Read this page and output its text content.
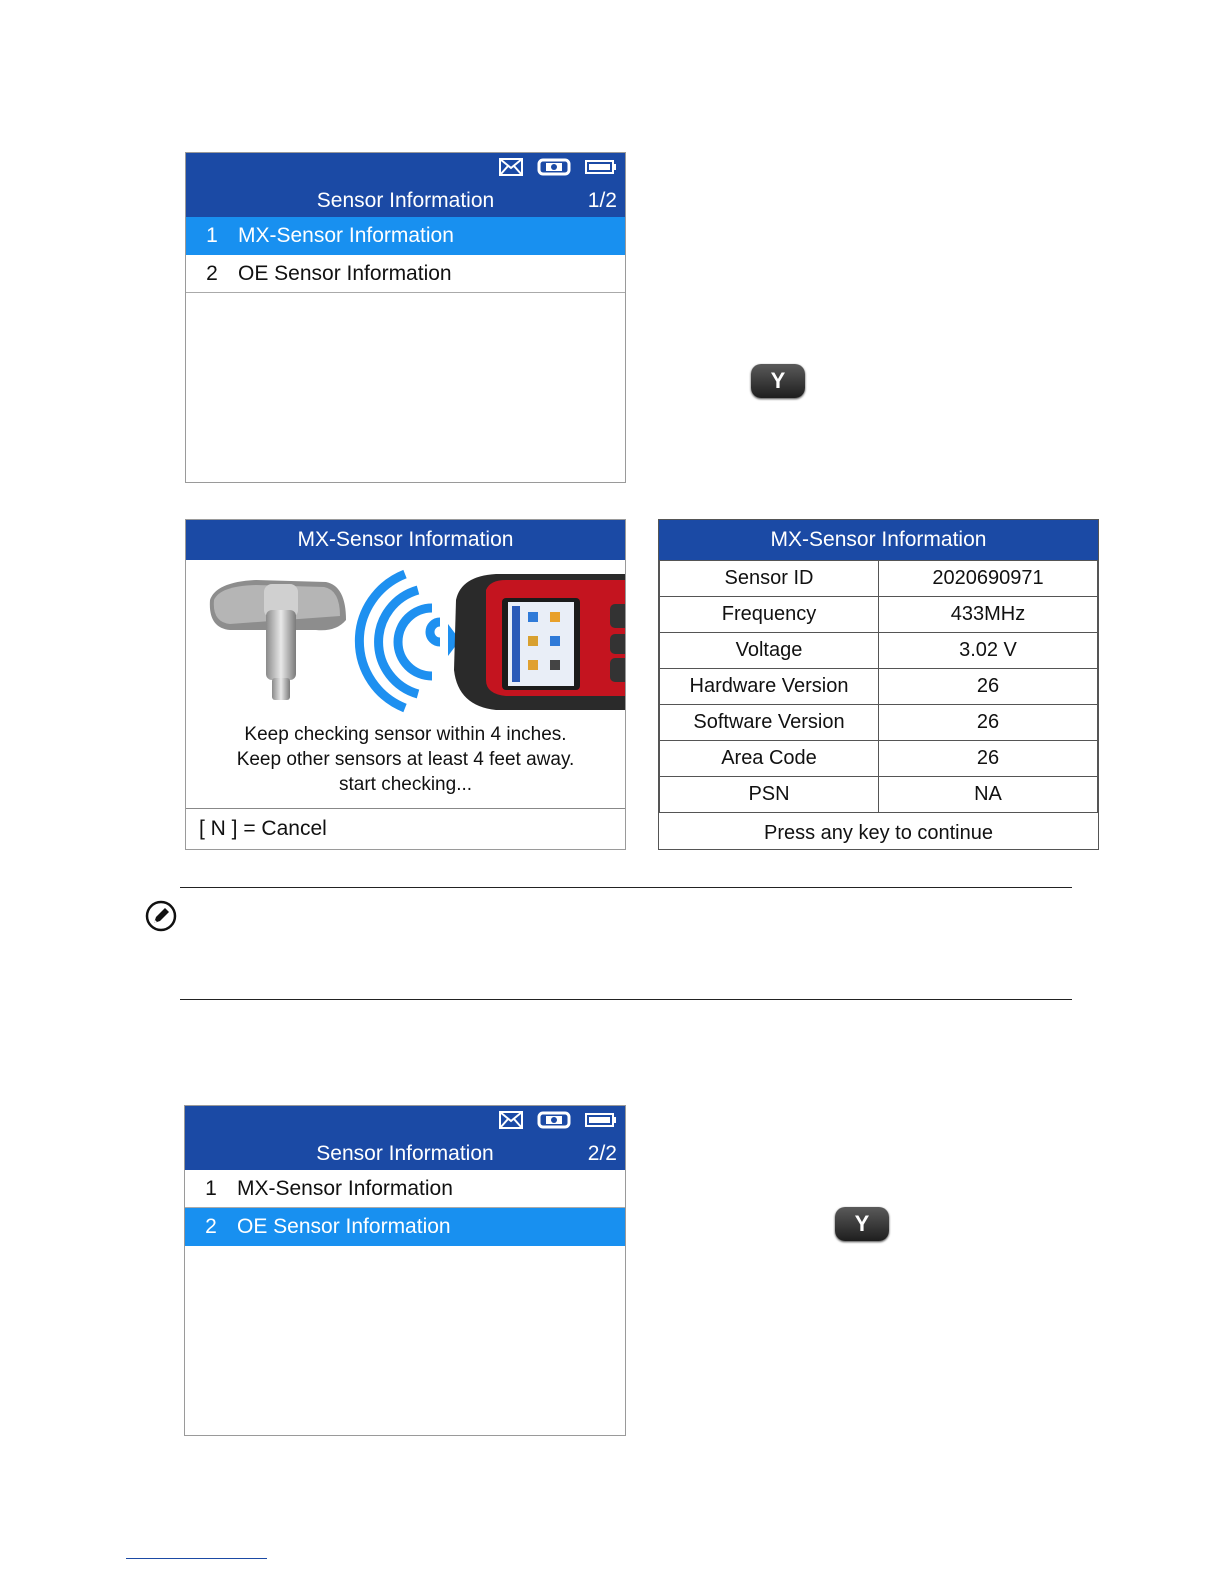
Sensor Information	1/2
1 MX-Sensor Information
2 OE Sensor Information
Y
MX-Sensor Information
Keep checking sensor within 4 inches.
Keep other sensors at least 4 feet away.
start checking...
[ N ] = Cancel
MX-Sensor Information
Sensor ID	2020690971
Frequency	433MHz
Voltage	3.02 V
Hardware Version	26
Software Version	26
Area Code	26
PSN	NA
Press any key to continue
Sensor Information	2/2
1 MX-Sensor Information
2 OE Sensor Information	Y
